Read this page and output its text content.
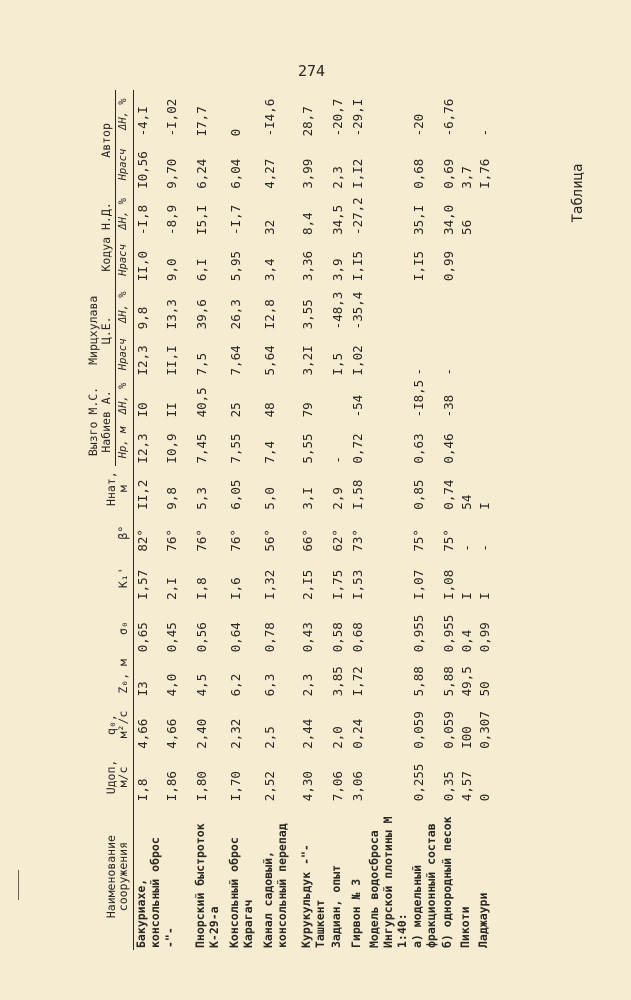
274
Таблица
Наименование сооружения	Uдоп, м/с	q₀, м²/с	Z₀, м	σ₀	K₁'	β°	Hнат, м	Вызго М.С. Набиев А.		Мирцхулава Ц.Е.		Кодуа Н.Д.		Автор	
								Hр, м	ΔH, %	Hрасч	ΔH, %	Hрасч	ΔH, %	Hрасч	ΔH, %
Бакуриахе, консольный оброс	I,8	4,66	I3	0,65	I,57	82°	II,2	I2,3	I0	I2,3	9,8	II,0	-I,8	I0,56	-4,I
-"-	I,86	4,66	4,0	0,45	2,I	76°	9,8	I0,9	II	II,I	I3,3	9,0	-8,9	9,70	-I,02
Пнорский быстроток К-29-а	I,80	2,40	4,5	0,56	I,8	76°	5,3	7,45	40,5	7,5	39,6	6,I	I5,I	6,24	I7,7
Консольный оброс Карагач	I,70	2,32	6,2	0,64	I,6	76°	6,05	7,55	25	7,64	26,3	5,95	-I,7	6,04	0
Канал садовый, консольный перепад	2,52	2,5	6,3	0,78	I,32	56°	5,0	7,4	48	5,64	I2,8	3,4	32	4,27	-I4,6
Курукульдук -"- Ташкент	4,30	2,44	2,3	0,43	2,I5	66°	3,I	5,55	79	3,2I	3,55	3,36	8,4	3,99	28,7
Задиан, опыт	7,06	2,0	3,85	0,58	I,75	62°	2,9	-		I,5	-48,3	3,9	34,5	2,3	-20,7
Гирвон № 3	3,06	0,24	I,72	0,68	I,53	73°	I,58	0,72	-54	I,02	-35,4	I,I5	-27,2	I,I2	-29,I
Модель водосброса Ингурской плотины М 1:40:															
а) модельный фракционный состав	0,255	0,059	5,88	0,955	I,07	75°	0,85	0,63	-I8,5	-		I,I5	35,I	0,68	-20
б) однородный песок	0,35	0,059	5,88	0,955	I,08	75°	0,74	0,46	-38	-		0,99	34,0	0,69	-6,76
Пикоти	4,57	I00	49,5	0,4	I	-	54						56	3,7	
Ладжаури	0	0,307	50	0,99	I	-	I							I,76	-
